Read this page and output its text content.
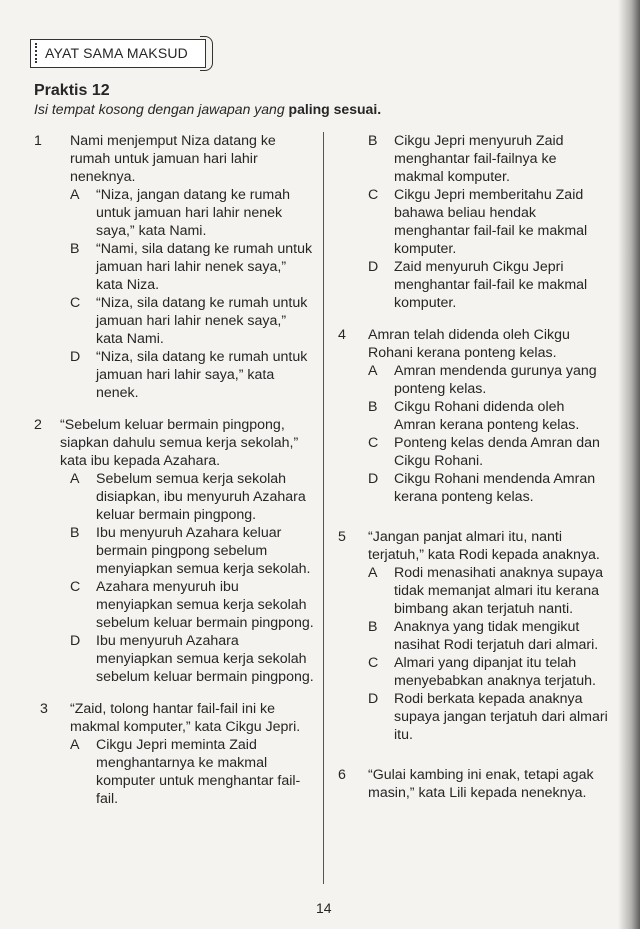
AYAT SAMA MAKSUD
Praktis 12
Isi tempat kosong dengan jawapan yang paling sesuai.
1	Nami menjemput Niza datang ke rumah untuk jamuan hari lahir neneknya.
A	“Niza, jangan datang ke rumah untuk jamuan hari lahir nenek saya,” kata Nami.
B	“Nami, sila datang ke rumah untuk jamuan hari lahir nenek saya,” kata Niza.
C	“Niza, sila datang ke rumah untuk jamuan hari lahir nenek saya,” kata Nami.
D	“Niza, sila datang ke rumah untuk jamuan hari lahir saya,” kata nenek.
2	“Sebelum keluar bermain pingpong, siapkan dahulu semua kerja sekolah,” kata ibu kepada Azahara.
A	Sebelum semua kerja sekolah disiapkan, ibu menyuruh Azahara keluar bermain pingpong.
B	Ibu menyuruh Azahara keluar bermain pingpong sebelum menyiapkan semua kerja sekolah.
C	Azahara menyuruh ibu menyiapkan semua kerja sekolah sebelum keluar bermain pingpong.
D	Ibu menyuruh Azahara menyiapkan semua kerja sekolah sebelum keluar bermain pingpong.
3	“Zaid, tolong hantar fail-fail ini ke makmal komputer,” kata Cikgu Jepri.
A	Cikgu Jepri meminta Zaid menghantarnya ke makmal komputer untuk menghantar fail-fail.
B	Cikgu Jepri menyuruh Zaid menghantar fail-failnya ke makmal komputer.
C	Cikgu Jepri memberitahu Zaid bahawa beliau hendak menghantar fail-fail ke makmal komputer.
D	Zaid menyuruh Cikgu Jepri menghantar fail-fail ke makmal komputer.
4	Amran telah didenda oleh Cikgu Rohani kerana ponteng kelas.
A	Amran mendenda gurunya yang ponteng kelas.
B	Cikgu Rohani didenda oleh Amran kerana ponteng kelas.
C	Ponteng kelas denda Amran dan Cikgu Rohani.
D	Cikgu Rohani mendenda Amran kerana ponteng kelas.
5	“Jangan panjat almari itu, nanti terjatuh,” kata Rodi kepada anaknya.
A	Rodi menasihati anaknya supaya tidak memanjat almari itu kerana bimbang akan terjatuh nanti.
B	Anaknya yang tidak mengikut nasihat Rodi terjatuh dari almari.
C	Almari yang dipanjat itu telah menyebabkan anaknya terjatuh.
D	Rodi berkata kepada anaknya supaya jangan terjatuh dari almari itu.
6	“Gulai kambing ini enak, tetapi agak masin,” kata Lili kepada neneknya.
14
